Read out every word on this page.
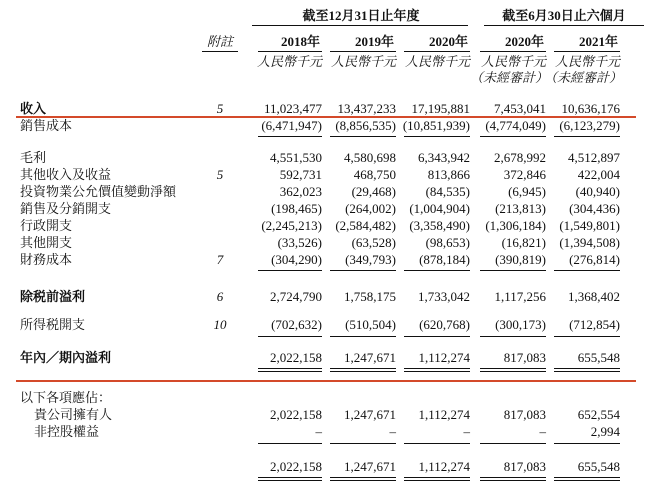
截至12月31日止年度	截至6月30日止六個月
附註	2018年	2019年	2020年	2020年	2021年
人民幣千元 人民幣千元 人民幣千元 人民幣千元 人民幣千元
（未經審計）
（未經審計）
收入	5	11,023,477	13,437,233	17,195,881	7,453,041	10,636,176
銷售成本	(6,471,947)	(8,856,535) (10,851,939)	(4,774,049)	(6,123,279)
毛利	4,551,530	4,580,698	6,343,942	2,678,992	4,512,897
其他收入及收益	5	592,731	468,750	813,866	372,846	422,004
投資物業公允價值變動淨額	362,023	(29,468)	(84,535)	(6,945)	(40,940)
銷售及分銷開支	(198,465)	(264,002)	(1,004,904)	(213,813)	(304,436)
行政開支	(2,245,213)	(2,584,482)	(3,358,490)	(1,306,184)	(1,549,801)
其他開支	(33,526)	(63,528)	(98,653)	(16,821)	(1,394,508)
財務成本	7	(304,290)	(349,793)	(878,184)	(390,819)	(276,814)
除税前溢利	6	2,724,790	1,758,175	1,733,042	1,117,256	1,368,402
所得税開支	10	(702,632)	(510,504)	(620,768)	(300,173)	(712,854)
年內／期內溢利	2,022,158	1,247,671	1,112,274	817,083	655,548
以下各項應佔：
貴公司擁有人	2,022,158	1,247,671	1,112,274	817,083	652,554
非控股權益	–	–	–	–	2,994
2,022,158	1,247,671	1,112,274	817,083	655,548
